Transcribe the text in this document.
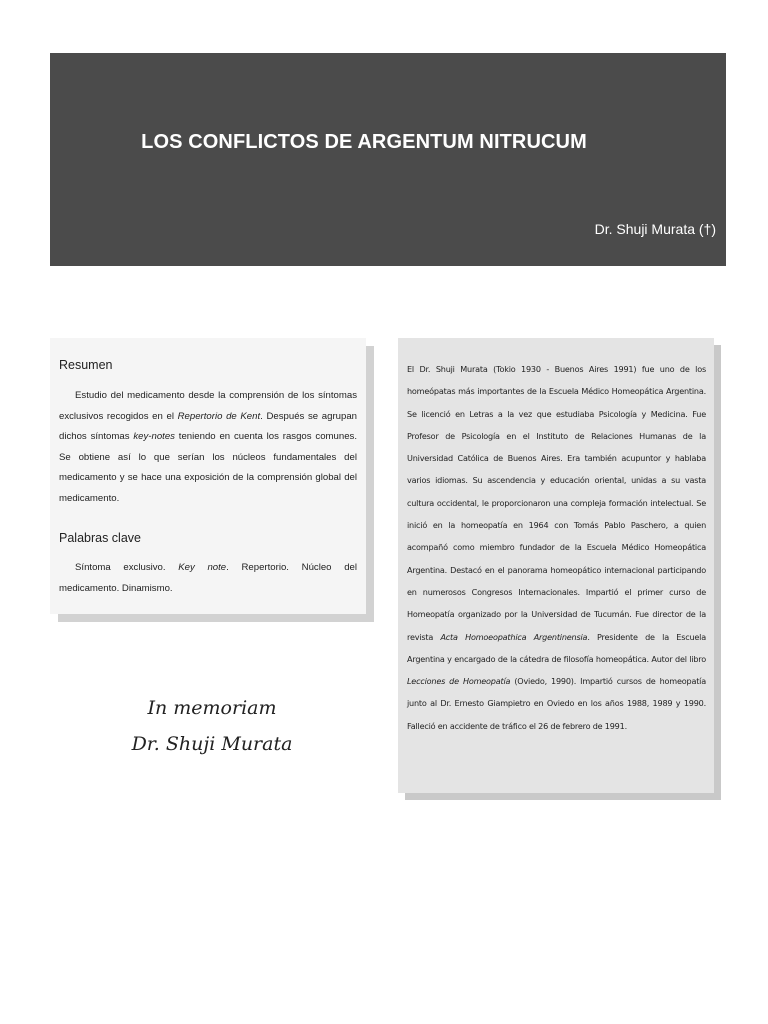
LOS CONFLICTOS DE ARGENTUM NITRUCUM
Dr. Shuji Murata (†)
Resumen

Estudio del medicamento desde la comprensión de los síntomas exclusivos recogidos en el Repertorio de Kent. Después se agrupan dichos síntomas key-notes teniendo en cuenta los rasgos comunes. Se obtiene así lo que serían los núcleos fundamentales del medicamento y se hace una exposición de la comprensión global del medicamento.

Palabras clave

Síntoma exclusivo. Key note. Repertorio. Núcleo del medicamento. Dinamismo.

In memoriam
Dr. Shuji Murata

El Dr. Shuji Murata (Tokio 1930 - Buenos Aires 1991) fue uno de los homeópatas más importantes de la Escuela Médico Homeopática Argentina. Se licenció en Letras a la vez que estudiaba Psicología y Medicina. Fue Profesor de Psicología en el Instituto de Relaciones Humanas de la Universidad Católica de Buenos Aires. Era también acupuntor y hablaba varios idiomas. Su ascendencia y educación oriental, unidas a su vasta cultura occidental, le proporcionaron una compleja formación intelectual. Se inició en la homeopatía en 1964 con Tomás Pablo Paschero, a quien acompañó como miembro fundador de la Escuela Médico Homeopática Argentina. Destacó en el panorama homeopático internacional participando en numerosos Congresos Internacionales. Impartió el primer curso de Homeopatía organizado por la Universidad de Tucumán. Fue director de la revista Acta Homoeopathica Argentinensia. Presidente de la Escuela Argentina y encargado de la cátedra de filosofía homeopática. Autor del libro Lecciones de Homeopatía (Oviedo, 1990). Impartió cursos de homeopatía junto al Dr. Ernesto Giampietro en Oviedo en los años 1988, 1989 y 1990. Falleció en accidente de tráfico el 26 de febrero de 1991.
